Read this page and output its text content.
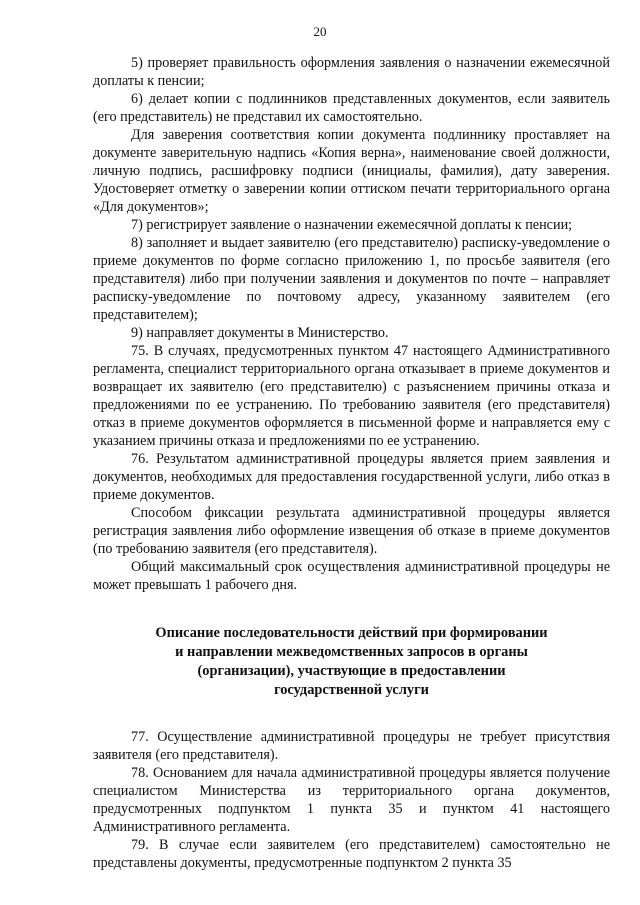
20

5) проверяет правильность оформления заявления о назначении ежемесячной доплаты к пенсии;

6) делает копии с подлинников представленных документов, если заявитель (его представитель) не представил их самостоятельно.

Для заверения соответствия копии документа подлиннику проставляет на документе заверительную надпись «Копия верна», наименование своей должности, личную подпись, расшифровку подписи (инициалы, фамилия), дату заверения. Удостоверяет отметку о заверении копии оттиском печати территориального органа «Для документов»;

7) регистрирует заявление о назначении ежемесячной доплаты к пенсии;

8) заполняет и выдает заявителю (его представителю) расписку-уведомление о приеме документов по форме согласно приложению 1, по просьбе заявителя (его представителя) либо при получении заявления и документов по почте – направляет расписку-уведомление по почтовому адресу, указанному заявителем (его представителем);

9) направляет документы в Министерство.

75. В случаях, предусмотренных пунктом 47 настоящего Административного регламента, специалист территориального органа отказывает в приеме документов и возвращает их заявителю (его представителю) с разъяснением причины отказа и предложениями по ее устранению. По требованию заявителя (его представителя) отказ в приеме документов оформляется в письменной форме и направляется ему с указанием причины отказа и предложениями по ее устранению.

76. Результатом административной процедуры является прием заявления и документов, необходимых для предоставления государственной услуги, либо отказ в приеме документов.

Способом фиксации результата административной процедуры является регистрация заявления либо оформление извещения об отказе в приеме документов (по требованию заявителя (его представителя).

Общий максимальный срок осуществления административной процедуры не может превышать 1 рабочего дня.

Описание последовательности действий при формировании
и направлении межведомственных запросов в органы
(организации), участвующие в предоставлении
государственной услуги

77. Осуществление административной процедуры не требует присутствия заявителя (его представителя).

78. Основанием для начала административной процедуры является получение специалистом Министерства из территориального органа документов, предусмотренных подпунктом 1 пункта 35 и пунктом 41 настоящего Административного регламента.

79. В случае если заявителем (его представителем) самостоятельно не представлены документы, предусмотренные подпунктом 2 пункта 35
